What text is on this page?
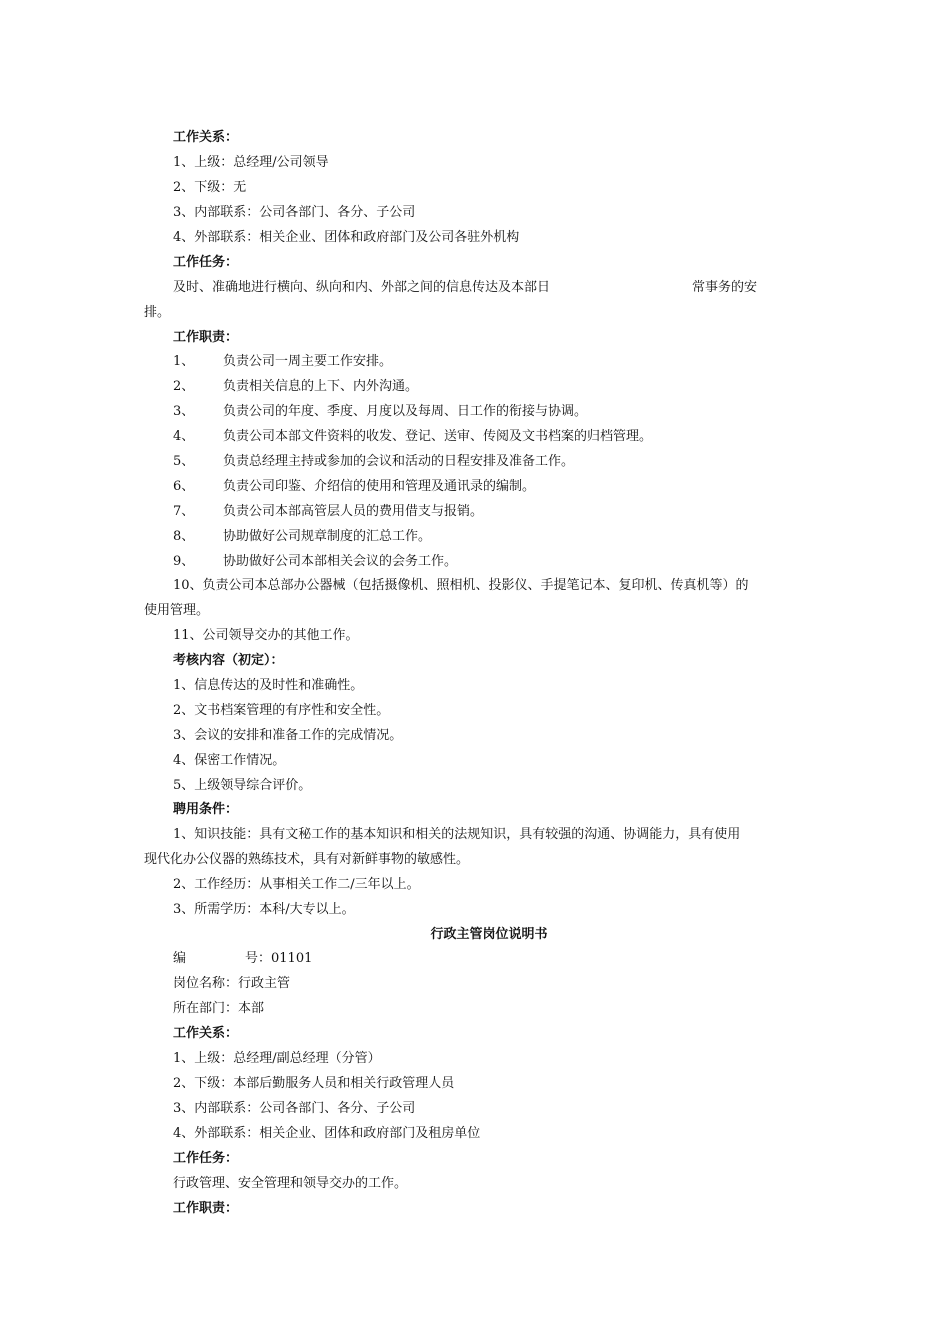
工作关系：
1、上级：总经理/公司领导
2、下级：无
3、内部联系：公司各部门、各分、子公司
4、外部联系：相关企业、团体和政府部门及公司各驻外机构
工作任务：
及时、准确地进行横向、纵向和内、外部之间的信息传达及本部日	常事务的安
排。
工作职责：
1、 负责公司一周主要工作安排。
2、 负责相关信息的上下、内外沟通。
3、 负责公司的年度、季度、月度以及每周、日工作的衔接与协调。
4、 负责公司本部文件资料的收发、登记、送审、传阅及文书档案的归档管理。
5、 负责总经理主持或参加的会议和活动的日程安排及准备工作。
6、 负责公司印鉴、介绍信的使用和管理及通讯录的编制。
7、 负责公司本部高管层人员的费用借支与报销。
8、 协助做好公司规章制度的汇总工作。
9、 协助做好公司本部相关会议的会务工作。
10、负责公司本总部办公器械（包括摄像机、照相机、投影仪、手提笔记本、复印机、传真机等）的
使用管理。
11、公司领导交办的其他工作。
考核内容（初定）：
1、信息传达的及时性和准确性。
2、文书档案管理的有序性和安全性。
3、会议的安排和准备工作的完成情况。
4、保密工作情况。
5、上级领导综合评价。
聘用条件：
1、知识技能：具有文秘工作的基本知识和相关的法规知识，具有较强的沟通、协调能力，具有使用
现代化办公仪器的熟练技术，具有对新鲜事物的敏感性。
2、工作经历：从事相关工作二/三年以上。
3、所需学历：本科/大专以上。
行政主管岗位说明书
编	号：01101
岗位名称：行政主管
所在部门：本部
工作关系：
1、上级：总经理/副总经理（分管）
2、下级：本部后勤服务人员和相关行政管理人员
3、内部联系：公司各部门、各分、子公司
4、外部联系：相关企业、团体和政府部门及租房单位
工作任务：
行政管理、安全管理和领导交办的工作。
工作职责：
